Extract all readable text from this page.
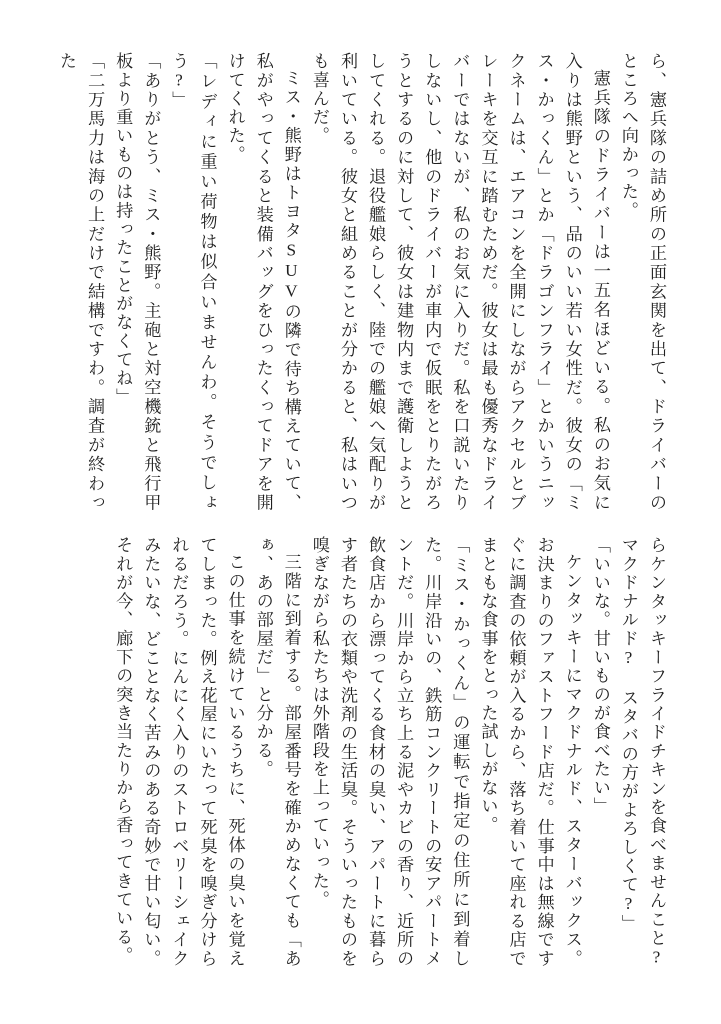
ら、憲兵隊の詰め所の正面玄関を出て、ドライバーのところへ向かった。

憲兵隊のドライバーは一五名ほどいる。私のお気に入りは熊野という、品のいい若い女性だ。彼女の「ミス・かっくん」とか「ドラゴンフライ」とかいうニックネームは、エアコンを全開にしながらアクセルとブレーキを交互に踏むためだ。彼女は最も優秀なドライバーではないが、私のお気に入りだ。私を口説いたりしないし、他のドライバーが車内で仮眠をとりたがろうとするのに対して、彼女は建物内まで護衛しようとしてくれる。退役艦娘らしく、陸での艦娘へ気配りが利いている。彼女と組めることが分かると、私はいつも喜んだ。

ミス・熊野はトヨタSUVの隣で待ち構えていて、私がやってくると装備バッグをひったくってドアを開けてくれた。

「レディに重い荷物は似合いませんわ。そうでしょう?」

「ありがとう、ミス・熊野。主砲と対空機銃と飛行甲板より重いものは持ったことがなくてね」

「二万馬力は海の上だけで結構ですわ。調査が終わった

らケンタッキーフライドチキンを食べませんこと? マクドナルド? スタバの方がよろしくて?」

「いいな。甘いものが食べたい」

ケンタッキーにマクドナルド、スターバックス。お決まりのファストフード店だ。仕事中は無線ですぐに調査の依頼が入るから、落ち着いて座れる店でまともな食事をとった試しがない。

「ミス・かっくん」の運転で指定の住所に到着した。川岸沿いの、鉄筋コンクリートの安アパートメントだ。川岸から立ち上る泥やカビの香り、近所の飲食店から漂ってくる食材の臭い、アパートに暮らす者たちの衣類や洗剤の生活臭。そういったものを嗅ぎながら私たちは外階段を上っていった。

三階に到着する。部屋番号を確かめなくても「あぁ、あの部屋だ」と分かる。

この仕事を続けているうちに、死体の臭いを覚えてしまった。例え花屋にいたって死臭を嗅ぎ分けられるだろう。にんにく入りのストロベリーシェイクみたいな、どことなく苦みのある奇妙で甘い匂い。それが今、廊下の突き当たりから香ってきている。
